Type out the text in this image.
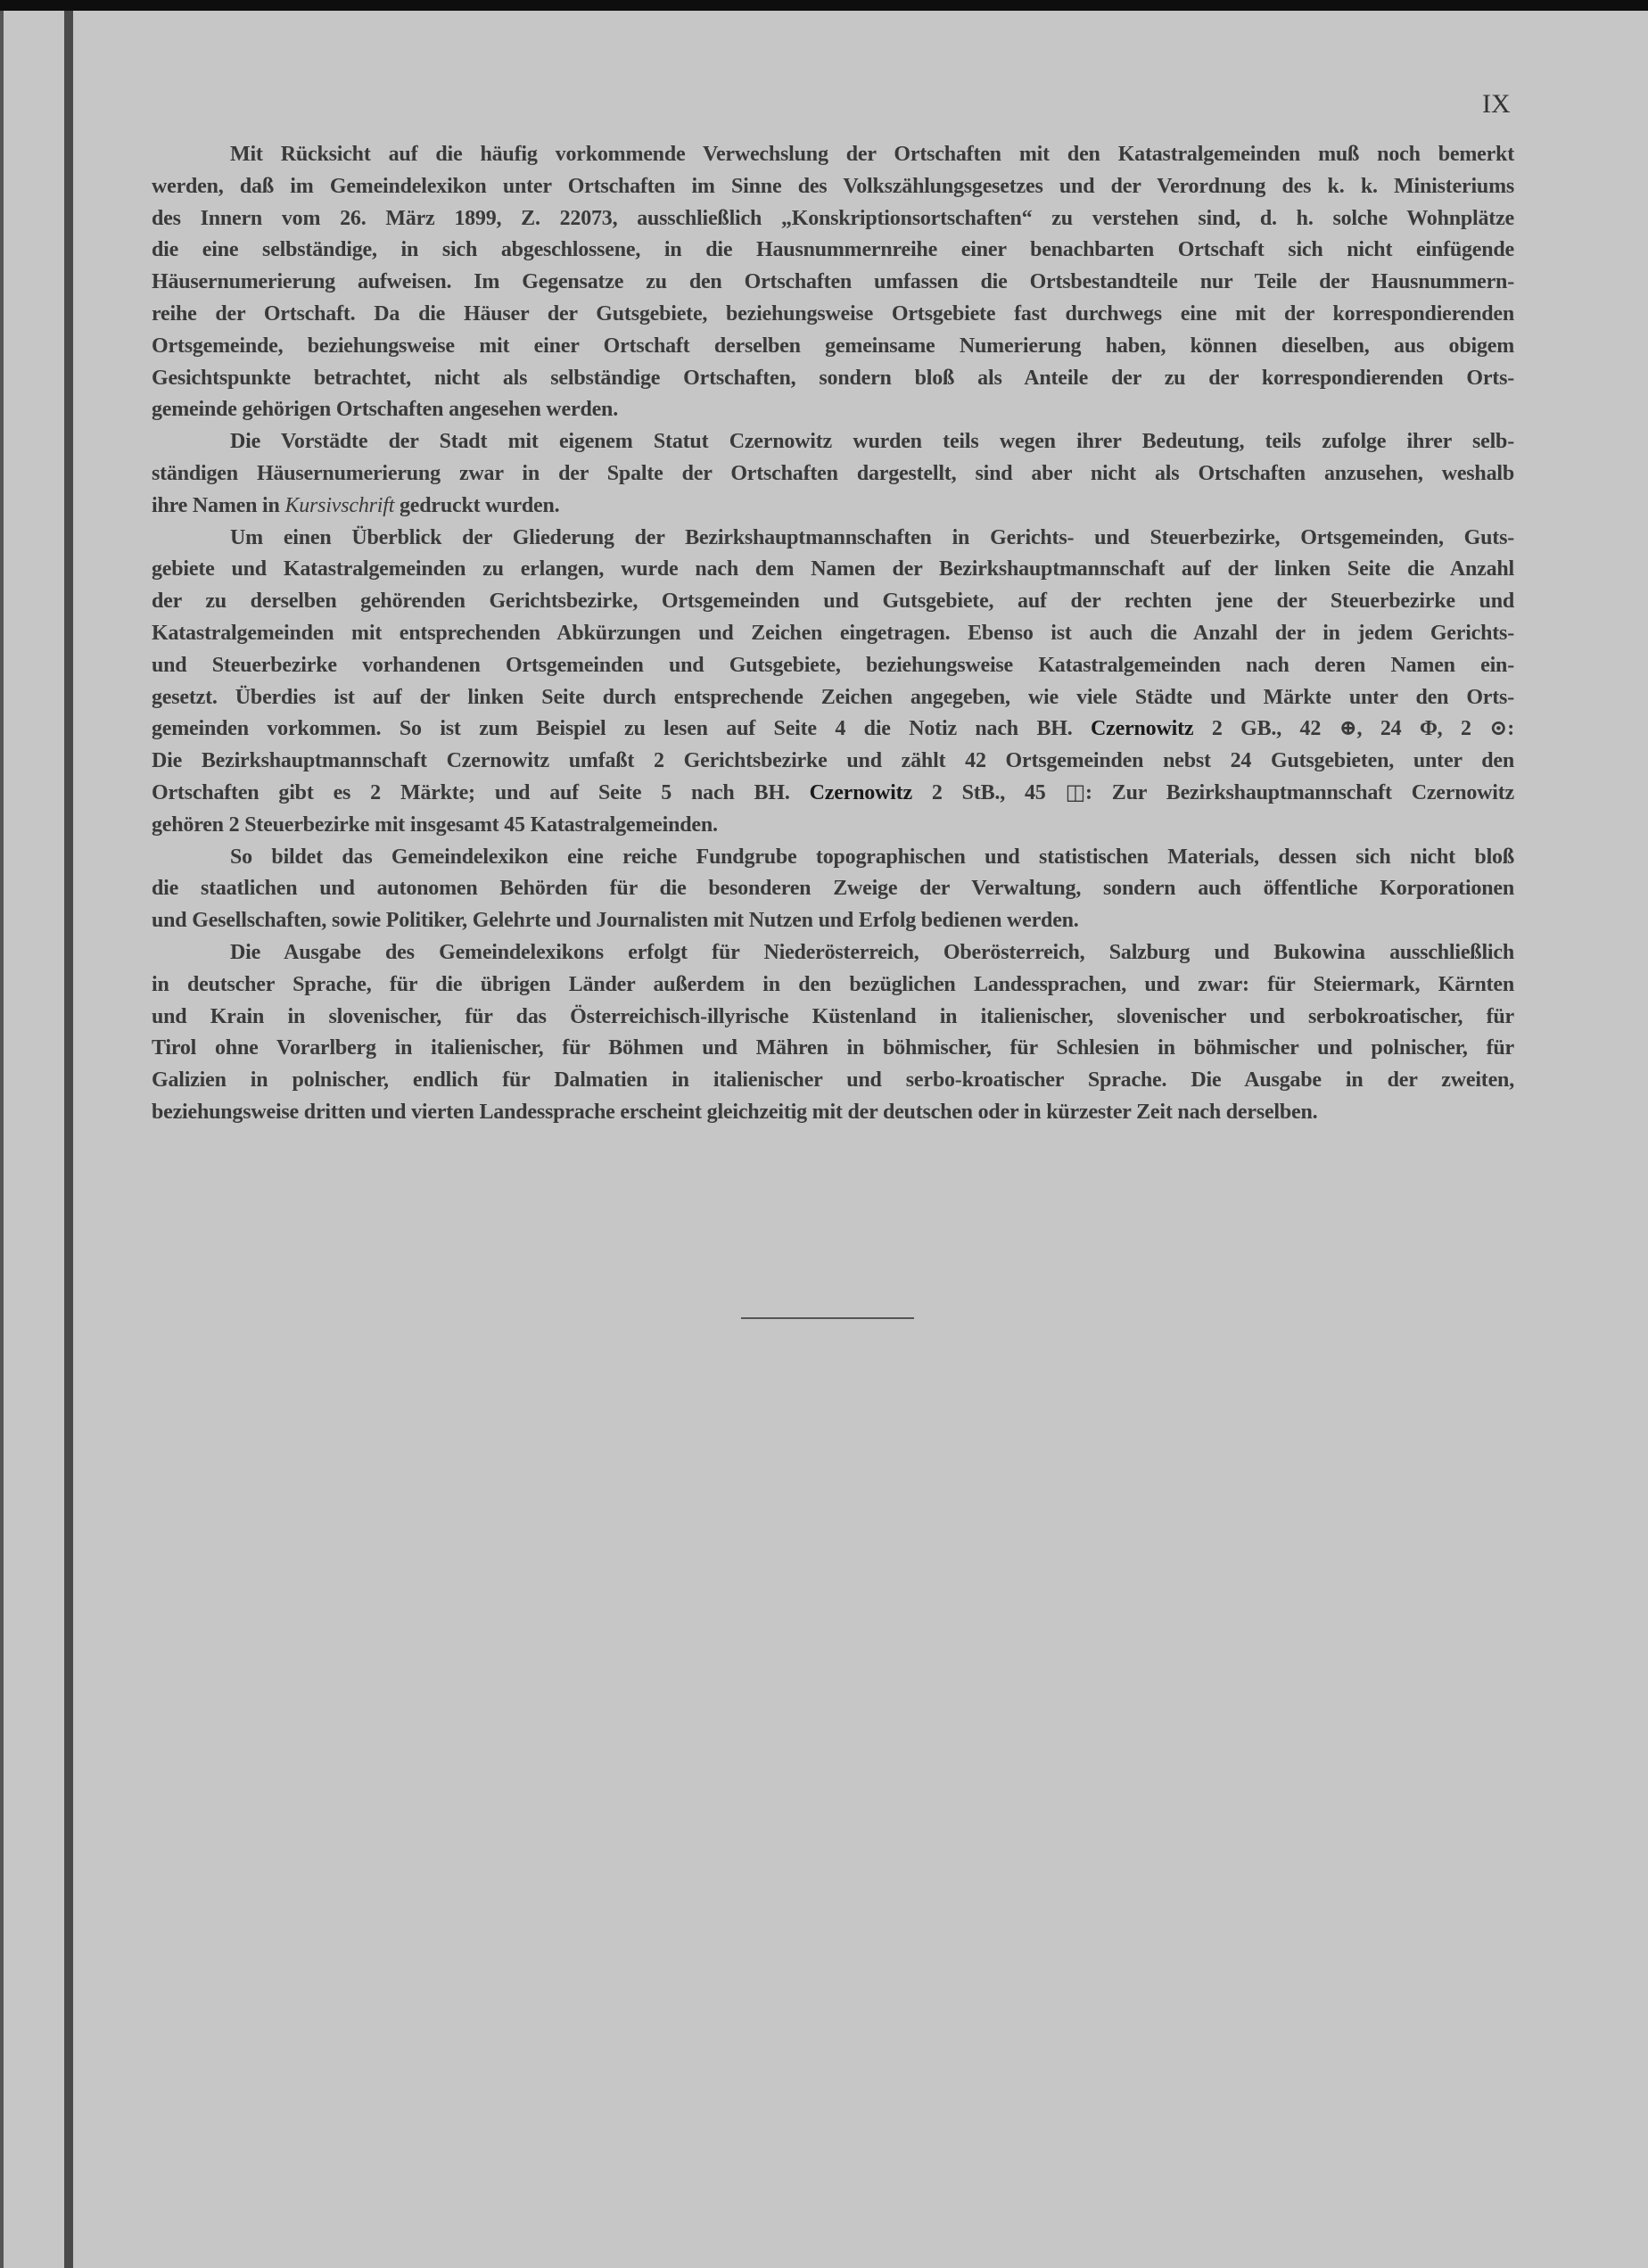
IX
Mit Rücksicht auf die häufig vorkommende Verwechslung der Ortschaften mit den Katastralgemeinden muß noch bemerkt
werden, daß im Gemeindelexikon unter Ortschaften im Sinne des Volkszählungsgesetzes und der Verordnung des k. k. Ministeriums
des Innern vom 26. März 1899, Z. 22073, ausschließlich „Konskriptionsortschaften“ zu verstehen sind, d. h. solche Wohnplätze
die eine selbständige, in sich abgeschlossene, in die Hausnummernreihe einer benachbarten Ortschaft sich nicht einfügende
Häusernumerierung aufweisen. Im Gegensatze zu den Ortschaften umfassen die Ortsbestandteile nur Teile der Hausnummern-
reihe der Ortschaft. Da die Häuser der Gutsgebiete, beziehungsweise Ortsgebiete fast durchwegs eine mit der korrespondierenden
Ortsgemeinde, beziehungsweise mit einer Ortschaft derselben gemeinsame Numerierung haben, können dieselben, aus obigem
Gesichtspunkte betrachtet, nicht als selbständige Ortschaften, sondern bloß als Anteile der zu der korrespondierenden Orts-
gemeinde gehörigen Ortschaften angesehen werden.
Die Vorstädte der Stadt mit eigenem Statut Czernowitz wurden teils wegen ihrer Bedeutung, teils zufolge ihrer selb-
ständigen Häusernumerierung zwar in der Spalte der Ortschaften dargestellt, sind aber nicht als Ortschaften anzusehen, weshalb
ihre Namen in Kursivschrift gedruckt wurden.
Um einen Überblick der Gliederung der Bezirkshauptmannschaften in Gerichts- und Steuerbezirke, Ortsgemeinden, Guts-
gebiete und Katastralgemeinden zu erlangen, wurde nach dem Namen der Bezirkshauptmannschaft auf der linken Seite die Anzahl
der zu derselben gehörenden Gerichtsbezirke, Ortsgemeinden und Gutsgebiete, auf der rechten jene der Steuerbezirke und
Katastralgemeinden mit entsprechenden Abkürzungen und Zeichen eingetragen. Ebenso ist auch die Anzahl der in jedem Gerichts-
und Steuerbezirke vorhandenen Ortsgemeinden und Gutsgebiete, beziehungsweise Katastralgemeinden nach deren Namen ein-
gesetzt. Überdies ist auf der linken Seite durch entsprechende Zeichen angegeben, wie viele Städte und Märkte unter den Orts-
gemeinden vorkommen. So ist zum Beispiel zu lesen auf Seite 4 die Notiz nach BH. Czernowitz 2 GB., 42 ⊕, 24 Φ, 2 ⊙:
Die Bezirkshauptmannschaft Czernowitz umfaßt 2 Gerichtsbezirke und zählt 42 Ortsgemeinden nebst 24 Gutsgebieten, unter den
Ortschaften gibt es 2 Märkte; und auf Seite 5 nach BH. Czernowitz 2 StB., 45 ◫: Zur Bezirkshauptmannschaft Czernowitz
gehören 2 Steuerbezirke mit insgesamt 45 Katastralgemeinden.
So bildet das Gemeindelexikon eine reiche Fundgrube topographischen und statistischen Materials, dessen sich nicht bloß
die staatlichen und autonomen Behörden für die besonderen Zweige der Verwaltung, sondern auch öffentliche Korporationen
und Gesellschaften, sowie Politiker, Gelehrte und Journalisten mit Nutzen und Erfolg bedienen werden.
Die Ausgabe des Gemeindelexikons erfolgt für Niederösterreich, Oberösterreich, Salzburg und Bukowina ausschließlich
in deutscher Sprache, für die übrigen Länder außerdem in den bezüglichen Landessprachen, und zwar: für Steiermark, Kärnten
und Krain in slovenischer, für das Österreichisch-illyrische Küstenland in italienischer, slovenischer und serbokroatischer, für
Tirol ohne Vorarlberg in italienischer, für Böhmen und Mähren in böhmischer, für Schlesien in böhmischer und polnischer, für
Galizien in polnischer, endlich für Dalmatien in italienischer und serbo-kroatischer Sprache. Die Ausgabe in der zweiten,
beziehungsweise dritten und vierten Landessprache erscheint gleichzeitig mit der deutschen oder in kürzester Zeit nach derselben.
